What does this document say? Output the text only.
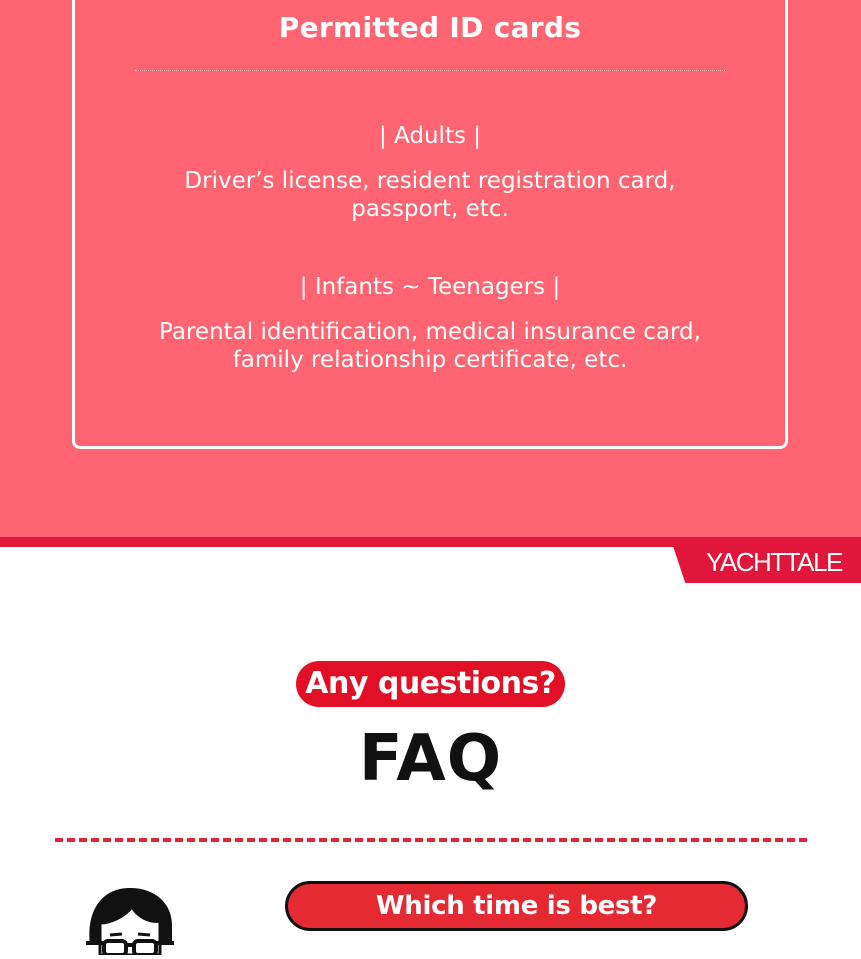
Permitted ID cards
| Adults |
Driver’s license, resident registration card,
passport, etc.
| Infants ~ Teenagers |
Parental identification, medical insurance card,
family relationship certificate, etc.
YACHTTALE
Any questions?
FAQ
Which time is best?
